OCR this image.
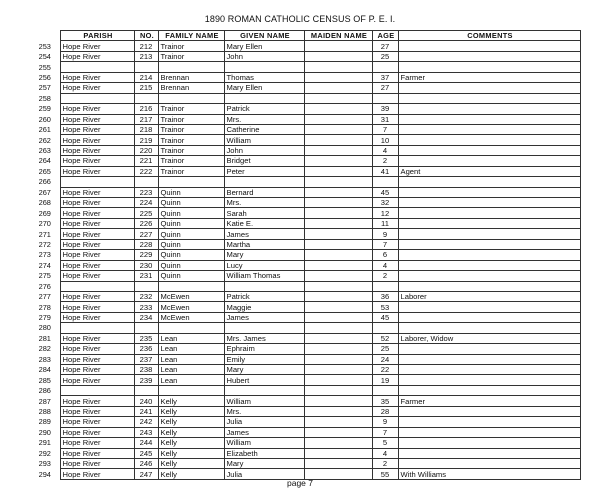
1890 ROMAN CATHOLIC CENSUS OF P. E. I.
	PARISH	NO.	FAMILY NAME	GIVEN NAME	MAIDEN NAME	AGE	COMMENTS
253	Hope River	212	Trainor	Mary Ellen		27	
254	Hope River	213	Trainor	John		25	
255							
256	Hope River	214	Brennan	Thomas		37	Farmer
257	Hope River	215	Brennan	Mary Ellen		27	
258							
259	Hope River	216	Trainor	Patrick		39	
260	Hope River	217	Trainor	Mrs.		31	
261	Hope River	218	Trainor	Catherine		7	
262	Hope River	219	Trainor	William		10	
263	Hope River	220	Trainor	John		4	
264	Hope River	221	Trainor	Bridget		2	
265	Hope River	222	Trainor	Peter		41	Agent
266							
267	Hope River	223	Quinn	Bernard		45	
268	Hope River	224	Quinn	Mrs.		32	
269	Hope River	225	Quinn	Sarah		12	
270	Hope River	226	Quinn	Katie E.		11	
271	Hope River	227	Quinn	James		9	
272	Hope River	228	Quinn	Martha		7	
273	Hope River	229	Quinn	Mary		6	
274	Hope River	230	Quinn	Lucy		4	
275	Hope River	231	Quinn	William Thomas		2	
276							
277	Hope River	232	McEwen	Patrick		36	Laborer
278	Hope River	233	McEwen	Maggie		53	
279	Hope River	234	McEwen	James		45	
280							
281	Hope River	235	Lean	Mrs. James		52	Laborer, Widow
282	Hope River	236	Lean	Ephraim		25	
283	Hope River	237	Lean	Emily		24	
284	Hope River	238	Lean	Mary		22	
285	Hope River	239	Lean	Hubert		19	
286							
287	Hope River	240	Kelly	William		35	Farmer
288	Hope River	241	Kelly	Mrs.		28	
289	Hope River	242	Kelly	Julia		9	
290	Hope River	243	Kelly	James		7	
291	Hope River	244	Kelly	William		5	
292	Hope River	245	Kelly	Elizabeth		4	
293	Hope River	246	Kelly	Mary		2	
294	Hope River	247	Kelly	Julia		55	With Williams
page 7
